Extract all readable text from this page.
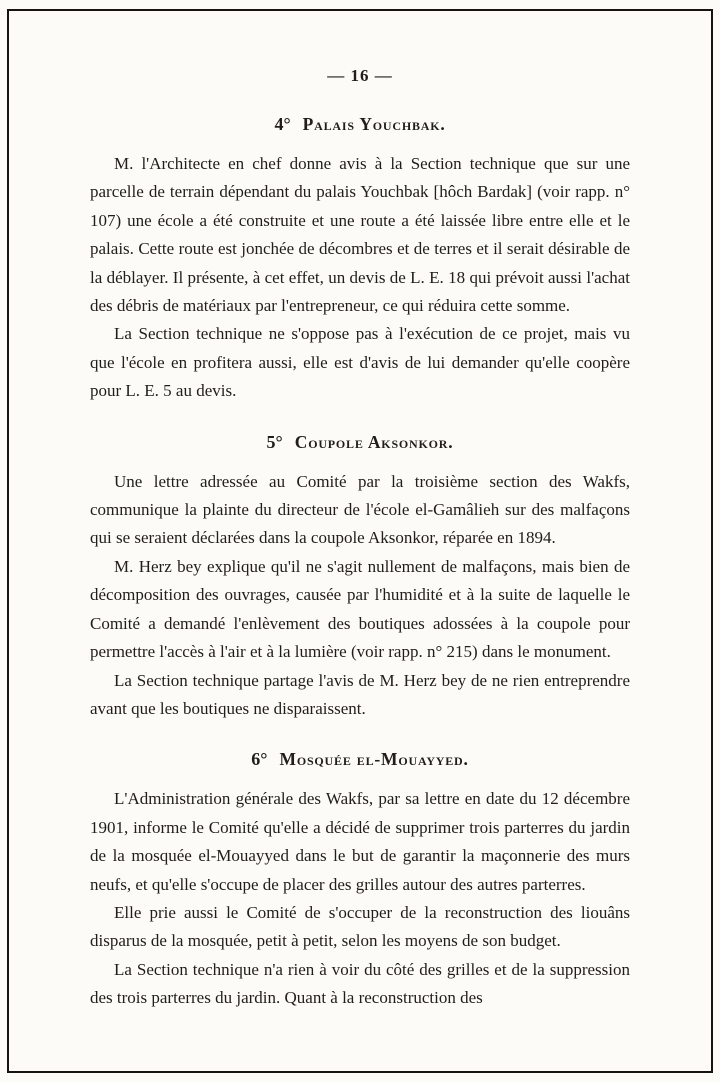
— 16 —
4° Palais Youchbak.

M. l'Architecte en chef donne avis à la Section technique que sur une parcelle de terrain dépendant du palais Youchbak [hôch Bardak] (voir rapp. n° 107) une école a été construite et une route a été laissée libre entre elle et le palais. Cette route est jonchée de décombres et de terres et il serait désirable de la déblayer. Il présente, à cet effet, un devis de L. E. 18 qui prévoit aussi l'achat des débris de matériaux par l'entrepreneur, ce qui réduira cette somme.

La Section technique ne s'oppose pas à l'exécution de ce projet, mais vu que l'école en profitera aussi, elle est d'avis de lui demander qu'elle coopère pour L. E. 5 au devis.

5° Coupole Aksonkor.

Une lettre adressée au Comité par la troisième section des Wakfs, communique la plainte du directeur de l'école el-Gamâlieh sur des malfaçons qui se seraient déclarées dans la coupole Aksonkor, réparée en 1894.

M. Herz bey explique qu'il ne s'agit nullement de malfaçons, mais bien de décomposition des ouvrages, causée par l'humidité et à la suite de laquelle le Comité a demandé l'enlèvement des boutiques adossées à la coupole pour permettre l'accès à l'air et à la lumière (voir rapp. n° 215) dans le monument.

La Section technique partage l'avis de M. Herz bey de ne rien entreprendre avant que les boutiques ne disparaissent.

6° Mosquée el-Mouayyed.

L'Administration générale des Wakfs, par sa lettre en date du 12 décembre 1901, informe le Comité qu'elle a décidé de supprimer trois parterres du jardin de la mosquée el-Mouayyed dans le but de garantir la maçonnerie des murs neufs, et qu'elle s'occupe de placer des grilles autour des autres parterres.

Elle prie aussi le Comité de s'occuper de la reconstruction des liouâns disparus de la mosquée, petit à petit, selon les moyens de son budget.

La Section technique n'a rien à voir du côté des grilles et de la suppression des trois parterres du jardin. Quant à la reconstruction des
